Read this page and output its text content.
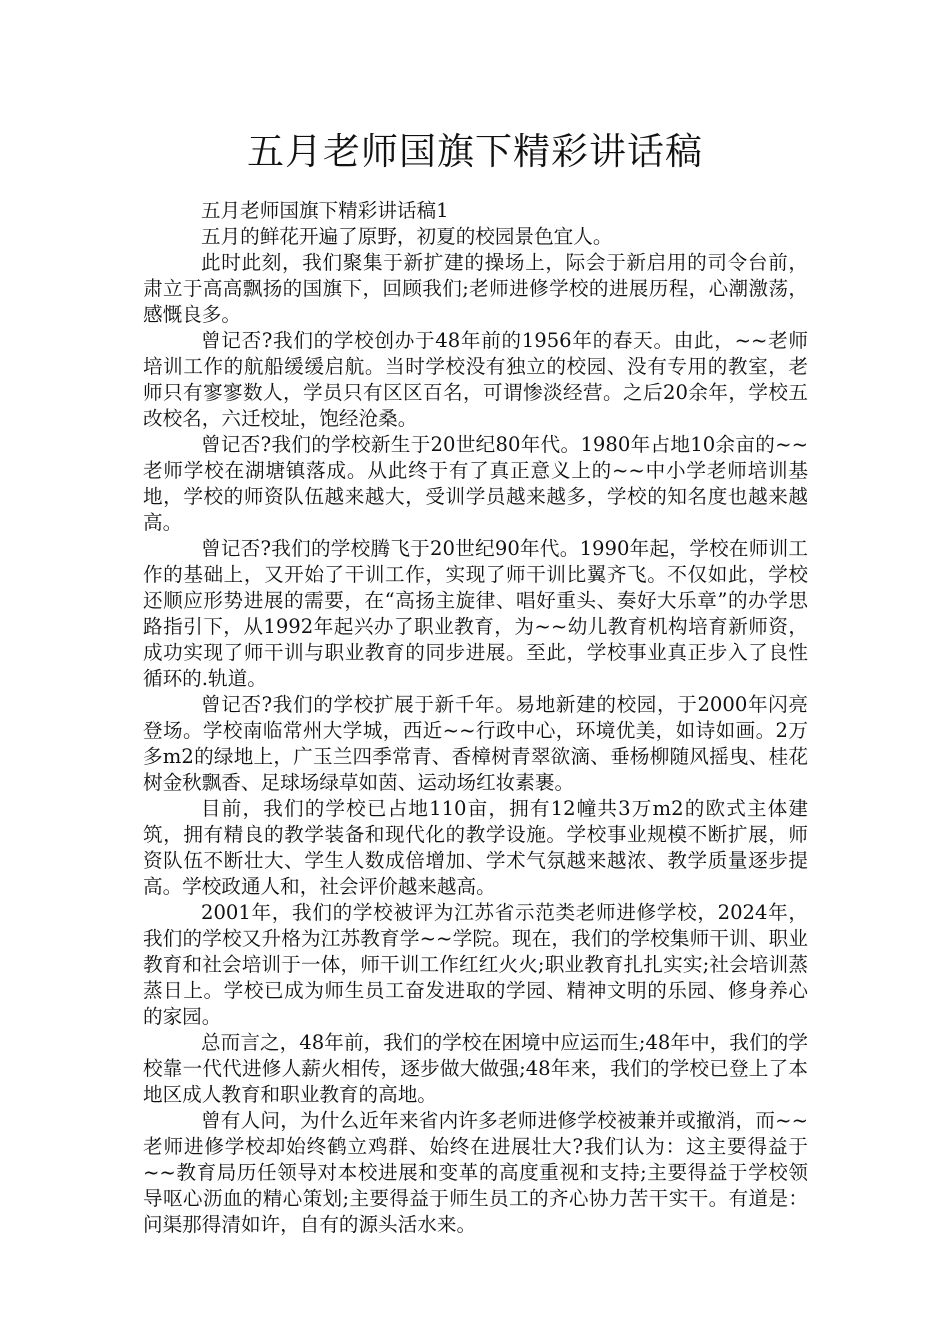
五月老师国旗下精彩讲话稿

五月老师国旗下精彩讲话稿1

五月的鲜花开遍了原野，初夏的校园景色宜人。

此时此刻，我们聚集于新扩建的操场上，际会于新启用的司令台前，肃立于高高飘扬的国旗下，回顾我们;老师进修学校的进展历程，心潮激荡，感慨良多。

曾记否?我们的学校创办于48年前的1956年的春天。由此，~~老师培训工作的航船缓缓启航。当时学校没有独立的校园、没有专用的教室，老师只有寥寥数人，学员只有区区百名，可谓惨淡经营。之后20余年，学校五改校名，六迁校址，饱经沧桑。

曾记否?我们的学校新生于20世纪80年代。1980年占地10余亩的~~老师学校在湖塘镇落成。从此终于有了真正意义上的~~中小学老师培训基地，学校的师资队伍越来越大，受训学员越来越多，学校的知名度也越来越高。

曾记否?我们的学校腾飞于20世纪90年代。1990年起，学校在师训工作的基础上，又开始了干训工作，实现了师干训比翼齐飞。不仅如此，学校还顺应形势进展的需要，在“高扬主旋律、唱好重头、奏好大乐章”的办学思路指引下，从1992年起兴办了职业教育，为~~幼儿教育机构培育新师资，成功实现了师干训与职业教育的同步进展。至此，学校事业真正步入了良性循环的.轨道。

曾记否?我们的学校扩展于新千年。易地新建的校园，于2000年闪亮登场。学校南临常州大学城，西近~~行政中心，环境优美，如诗如画。2万多m2的绿地上，广玉兰四季常青、香樟树青翠欲滴、垂杨柳随风摇曳、桂花树金秋飘香、足球场绿草如茵、运动场红妆素裹。

目前，我们的学校已占地110亩，拥有12幢共3万m2的欧式主体建筑，拥有精良的教学装备和现代化的教学设施。学校事业规模不断扩展，师资队伍不断壮大、学生人数成倍增加、学术气氛越来越浓、教学质量逐步提高。学校政通人和，社会评价越来越高。

2001年，我们的学校被评为江苏省示范类老师进修学校，2024年，我们的学校又升格为江苏教育学~~学院。现在，我们的学校集师干训、职业教育和社会培训于一体，师干训工作红红火火;职业教育扎扎实实;社会培训蒸蒸日上。学校已成为师生员工奋发进取的学园、精神文明的乐园、修身养心的家园。

总而言之，48年前，我们的学校在困境中应运而生;48年中，我们的学校靠一代代进修人薪火相传，逐步做大做强;48年来，我们的学校已登上了本地区成人教育和职业教育的高地。

曾有人问，为什么近年来省内许多老师进修学校被兼并或撤消，而~~老师进修学校却始终鹤立鸡群、始终在进展壮大?我们认为：这主要得益于~~教育局历任领导对本校进展和变革的高度重视和支持;主要得益于学校领导呕心沥血的精心策划;主要得益于师生员工的齐心协力苦干实干。有道是：问渠那得清如许，自有的源头活水来。
